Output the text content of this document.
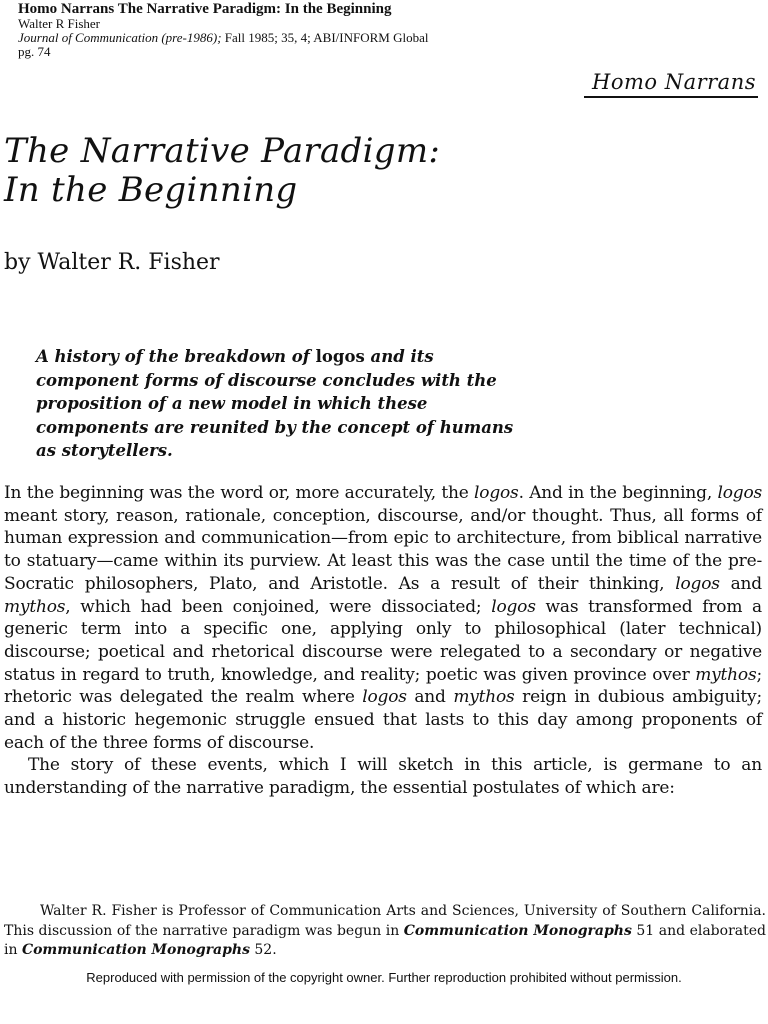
Homo Narrans The Narrative Paradigm: In the Beginning
Walter R Fisher
Journal of Communication (pre-1986); Fall 1985; 35, 4; ABI/INFORM Global
pg. 74
Homo Narrans
The Narrative Paradigm:
In the Beginning
by Walter R. Fisher
A history of the breakdown of logos and its component forms of discourse concludes with the proposition of a new model in which these components are reunited by the concept of humans as storytellers.

In the beginning was the word or, more accurately, the logos. And in the beginning, logos meant story, reason, rationale, conception, discourse, and/or thought. Thus, all forms of human expression and communication—from epic to architecture, from biblical narrative to statuary—came within its purview. At least this was the case until the time of the pre-Socratic philosophers, Plato, and Aristotle. As a result of their thinking, logos and mythos, which had been conjoined, were dissociated; logos was transformed from a generic term into a specific one, applying only to philosophical (later technical) discourse; poetical and rhetorical discourse were relegated to a secondary or negative status in regard to truth, knowledge, and reality; poetic was given province over mythos; rhetoric was delegated the realm where logos and mythos reign in dubious ambiguity; and a historic hegemonic struggle ensued that lasts to this day among proponents of each of the three forms of discourse.

The story of these events, which I will sketch in this article, is germane to an understanding of the narrative paradigm, the essential postulates of which are:

Walter R. Fisher is Professor of Communication Arts and Sciences, University of Southern California. This discussion of the narrative paradigm was begun in Communication Monographs 51 and elaborated in Communication Monographs 52.
Reproduced with permission of the copyright owner. Further reproduction prohibited without permission.
